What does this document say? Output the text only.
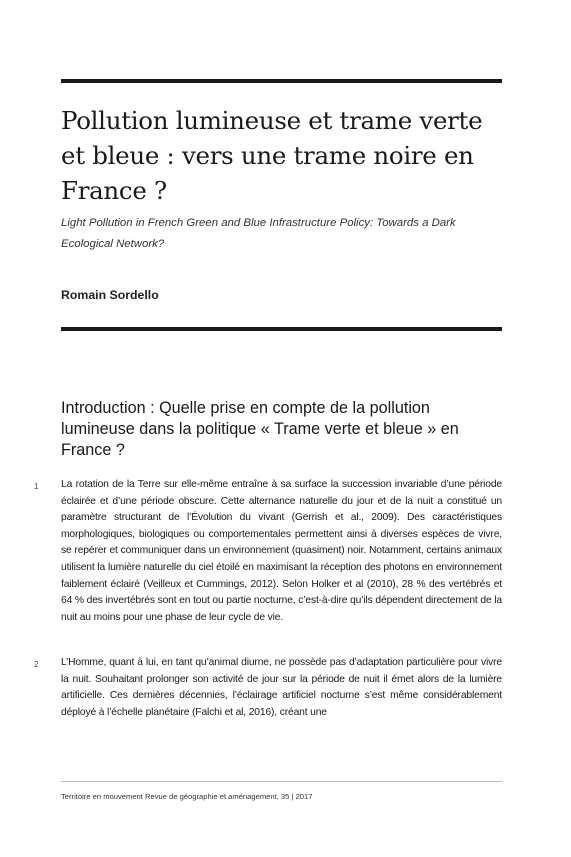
Pollution lumineuse et trame verte et bleue : vers une trame noire en France ?

Light Pollution in French Green and Blue Infrastructure Policy: Towards a Dark Ecological Network?

Romain Sordello

Introduction : Quelle prise en compte de la pollution lumineuse dans la politique « Trame verte et bleue » en France ?
1 La rotation de la Terre sur elle-même entraîne à sa surface la succession invariable d’une période éclairée et d’une période obscure. Cette alternance naturelle du jour et de la nuit a constitué un paramètre structurant de l’Évolution du vivant (Gerrish et al., 2009). Des caractéristiques morphologiques, biologiques ou comportementales permettent ainsi à diverses espèces de vivre, se repérer et communiquer dans un environnement (quasiment) noir. Notamment, certains animaux utilisent la lumière naturelle du ciel étoilé en maximisant la réception des photons en environnement faiblement éclairé (Veilleux et Cummings, 2012). Selon Holker et al (2010), 28 % des vertébrés et 64 % des invertébrés sont en tout ou partie nocturne, c’est-à-dire qu’ils dépendent directement de la nuit au moins pour une phase de leur cycle de vie.

2 L’Homme, quant à lui, en tant qu’animal diurne, ne possède pas d’adaptation particulière pour vivre la nuit. Souhaitant prolonger son activité de jour sur la période de nuit il émet alors de la lumière artificielle. Ces dernières décennies, l’éclairage artificiel nocturne s’est même considérablement déployé à l’échelle planétaire (Falchi et al, 2016), créant une

Territoire en mouvement Revue de géographie et aménagement, 35 | 2017
